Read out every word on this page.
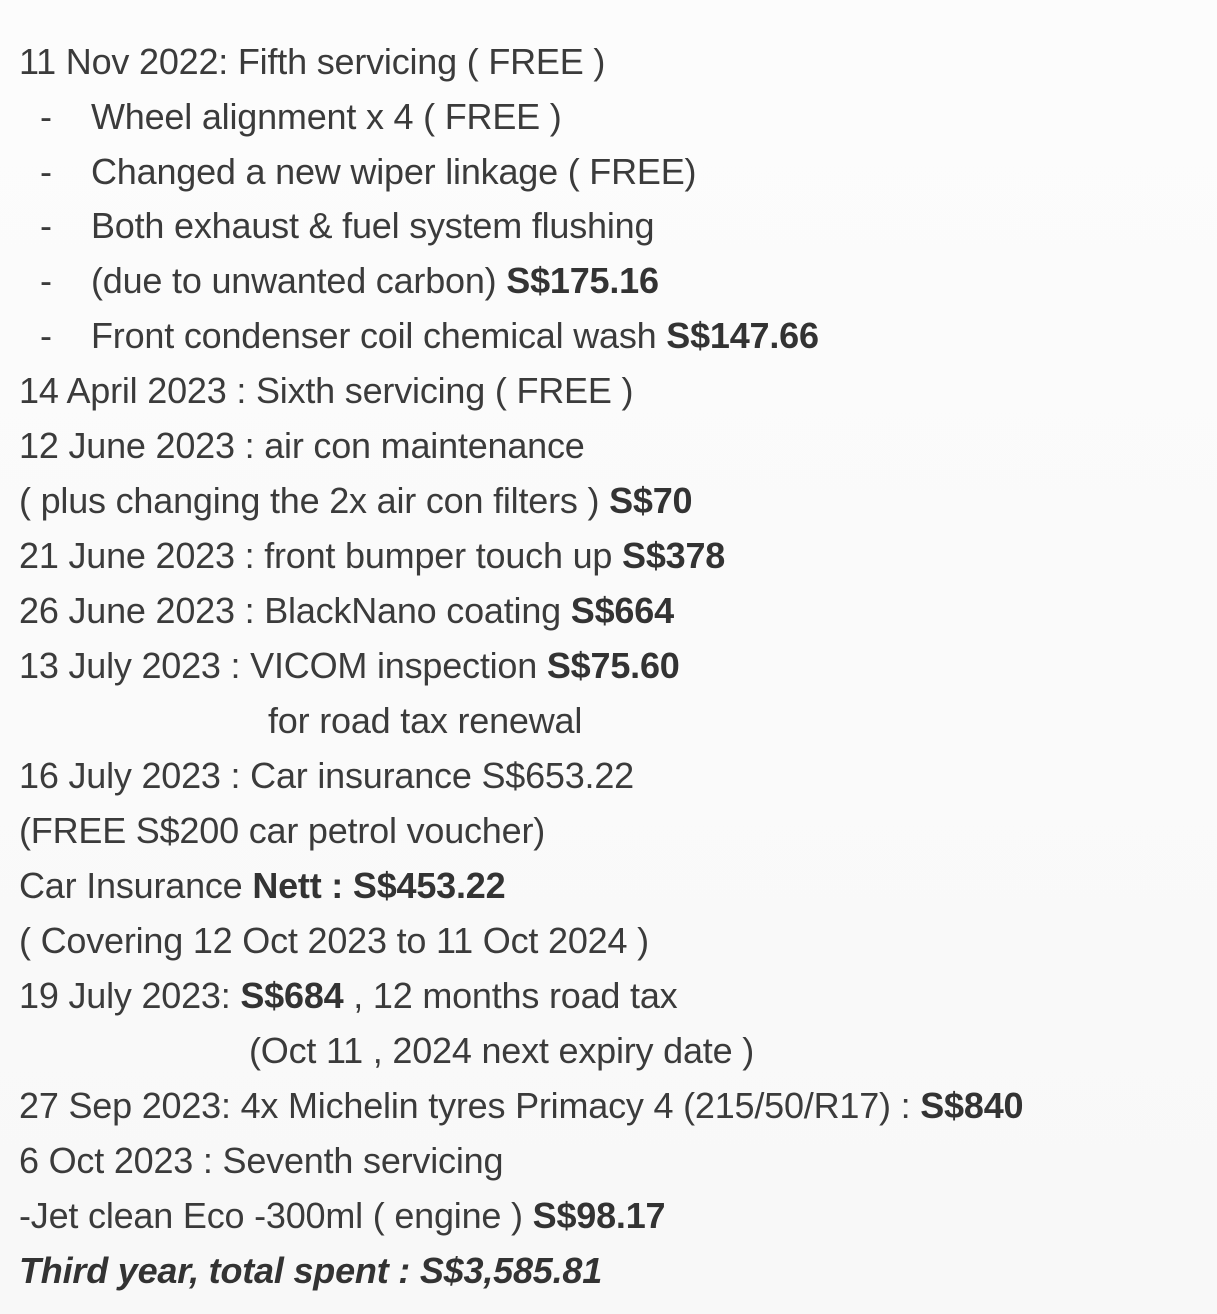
11 Nov 2022: Fifth servicing ( FREE )
- Wheel alignment x 4 ( FREE )
- Changed a new wiper linkage ( FREE)
- Both exhaust & fuel system flushing
- (due to unwanted carbon) S$175.16
- Front condenser coil chemical wash S$147.66
14 April 2023 : Sixth servicing ( FREE )
12 June 2023 : air con maintenance
( plus changing the 2x air con filters ) S$70
21 June 2023 : front bumper touch up S$378
26 June 2023 : BlackNano coating S$664
13 July 2023 : VICOM inspection S$75.60
for road tax renewal
16 July 2023 : Car insurance S$653.22
(FREE S$200 car petrol voucher)
Car Insurance Nett : S$453.22
( Covering 12 Oct 2023 to 11 Oct 2024 )
19 July 2023: S$684 , 12 months road tax
(Oct 11 , 2024 next expiry date )
27 Sep 2023: 4x Michelin tyres Primacy 4 (215/50/R17) : S$840
6 Oct 2023 : Seventh servicing
-Jet clean Eco -300ml ( engine ) S$98.17
Third year, total spent : S$3,585.81
